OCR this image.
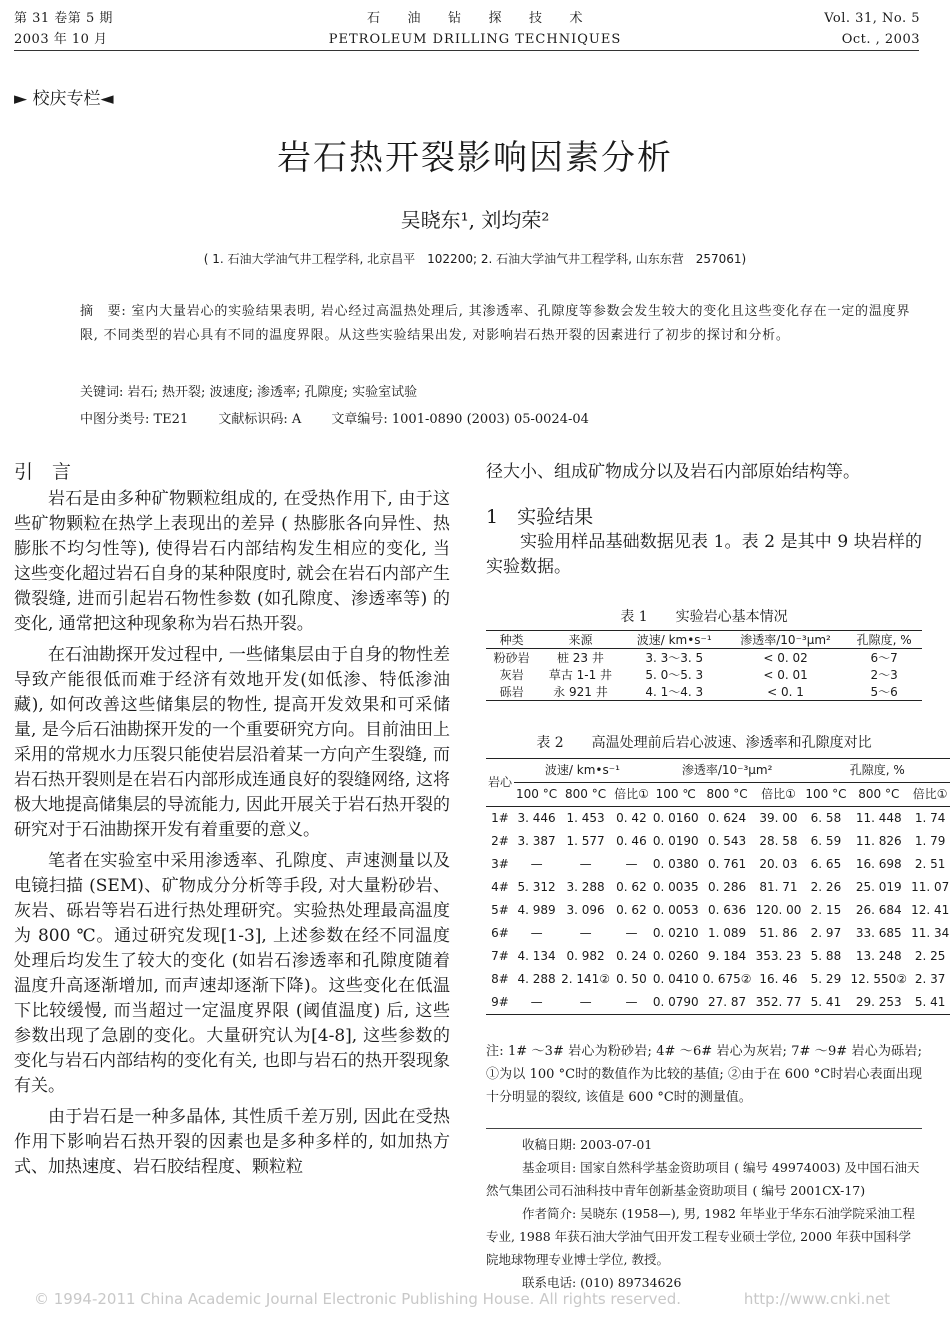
第 31 卷第 5 期
2003 年 10 月
石　　油　　钻　　探　　技　　术
PETROLEUM DRILLING TECHNIQUES
Vol. 31, No. 5
Oct. , 2003
► 校庆专栏◄
岩石热开裂影响因素分析
吴晓东¹, 刘均荣²
( 1. 石油大学油气井工程学科, 北京昌平　102200; 2. 石油大学油气井工程学科, 山东东营　257061)
摘　要: 室内大量岩心的实验结果表明, 岩心经过高温热处理后, 其渗透率、孔隙度等参数会发生较大的变化且这些变化存在一定的温度界限, 不同类型的岩心具有不同的温度界限。从这些实验结果出发, 对影响岩石热开裂的因素进行了初步的探讨和分析。
关键词: 岩石; 热开裂; 波速度; 渗透率; 孔隙度; 实验室试验
中图分类号: TE21　　 文献标识码: A　　 文章编号: 1001-0890 (2003) 05-0024-04
引　言

岩石是由多种矿物颗粒组成的, 在受热作用下, 由于这些矿物颗粒在热学上表现出的差异 ( 热膨胀各向异性、热膨胀不均匀性等), 使得岩石内部结构发生相应的变化, 当这些变化超过岩石自身的某种限度时, 就会在岩石内部产生微裂缝, 进而引起岩石物性参数 (如孔隙度、渗透率等) 的变化, 通常把这种现象称为岩石热开裂。

在石油勘探开发过程中, 一些储集层由于自身的物性差导致产能很低而难于经济有效地开发(如低渗、特低渗油藏), 如何改善这些储集层的物性, 提高开发效果和可采储量, 是今后石油勘探开发的一个重要研究方向。目前油田上采用的常规水力压裂只能使岩层沿着某一方向产生裂缝, 而岩石热开裂则是在岩石内部形成连通良好的裂缝网络, 这将极大地提高储集层的导流能力, 因此开展关于岩石热开裂的研究对于石油勘探开发有着重要的意义。

笔者在实验室中采用渗透率、孔隙度、声速测量以及电镜扫描 (SEM)、矿物成分分析等手段, 对大量粉砂岩、灰岩、砾岩等岩石进行热处理研究。实验热处理最高温度为 800 ℃。通过研究发现[1-3], 上述参数在经不同温度处理后均发生了较大的变化 (如岩石渗透率和孔隙度随着温度升高逐渐增加, 而声速却逐渐下降)。这些变化在低温下比较缓慢, 而当超过一定温度界限 (阈值温度) 后, 这些参数出现了急剧的变化。大量研究认为[4-8], 这些参数的变化与岩石内部结构的变化有关, 也即与岩石的热开裂现象有关。

由于岩石是一种多晶体, 其性质千差万别, 因此在受热作用下影响岩石热开裂的因素也是多种多样的, 如加热方式、加热速度、岩石胶结程度、颗粒粒

径大小、组成矿物成分以及岩石内部原始结构等。
1　实验结果

实验用样品基础数据见表 1。表 2 是其中 9 块岩样的实验数据。

表 1　　实验岩心基本情况
种类	来源	波速/ km•s⁻¹	渗透率/10⁻³μm²	孔隙度, %
粉砂岩	桩 23 井	3. 3～3. 5	< 0. 02	6～7
灰岩	草古 1-1 井	5. 0～5. 3	< 0. 01	2～3
砾岩	永 921 井	4. 1～4. 3	< 0. 1	5～6
表 2　　高温处理前后岩心波速、渗透率和孔隙度对比
岩心	波速/ km•s⁻¹			渗透率/10⁻³μm²			孔隙度, %		
	100 °C	800 °C	倍比①	100 ℃	800 °C	倍比①	100 °C	800 °C	倍比①
1#	3. 446	1. 453	0. 42	0. 0160	0. 624	39. 00	6. 58	11. 448	1. 74
2#	3. 387	1. 577	0. 46	0. 0190	0. 543	28. 58	6. 59	11. 826	1. 79
3#	—	—	—	0. 0380	0. 761	20. 03	6. 65	16. 698	2. 51
4#	5. 312	3. 288	0. 62	0. 0035	0. 286	81. 71	2. 26	25. 019	11. 07
5#	4. 989	3. 096	0. 62	0. 0053	0. 636	120. 00	2. 15	26. 684	12. 41
6#	—	—	—	0. 0210	1. 089	51. 86	2. 97	33. 685	11. 34
7#	4. 134	0. 982	0. 24	0. 0260	9. 184	353. 23	5. 88	13. 248	2. 25
8#	4. 288	2. 141②	0. 50	0. 0410	0. 675②	16. 46	5. 29	12. 550②	2. 37
9#	—	—	—	0. 0790	27. 87	352. 77	5. 41	29. 253	5. 41
注: 1# ～3# 岩心为粉砂岩; 4# ～6# 岩心为灰岩; 7# ～9# 岩心为砾岩; ①为以 100 °C时的数值作为比较的基值; ②由于在 600 °C时岩心表面出现十分明显的裂纹, 该值是 600 °C时的测量值。
收稿日期: 2003-07-01
基金项目: 国家自然科学基金资助项目 ( 编号 49974003) 及中国石油天然气集团公司石油科技中青年创新基金资助项目 ( 编号 2001CX-17)
作者简介: 吴晓东 (1958—), 男, 1982 年毕业于华东石油学院采油工程专业, 1988 年获石油大学油气田开发工程专业硕士学位, 2000 年获中国科学院地球物理专业博士学位, 教授。
联系电话: (010) 89734626
© 1994-2011 China Academic Journal Electronic Publishing House. All rights reserved.	http://www.cnki.net
